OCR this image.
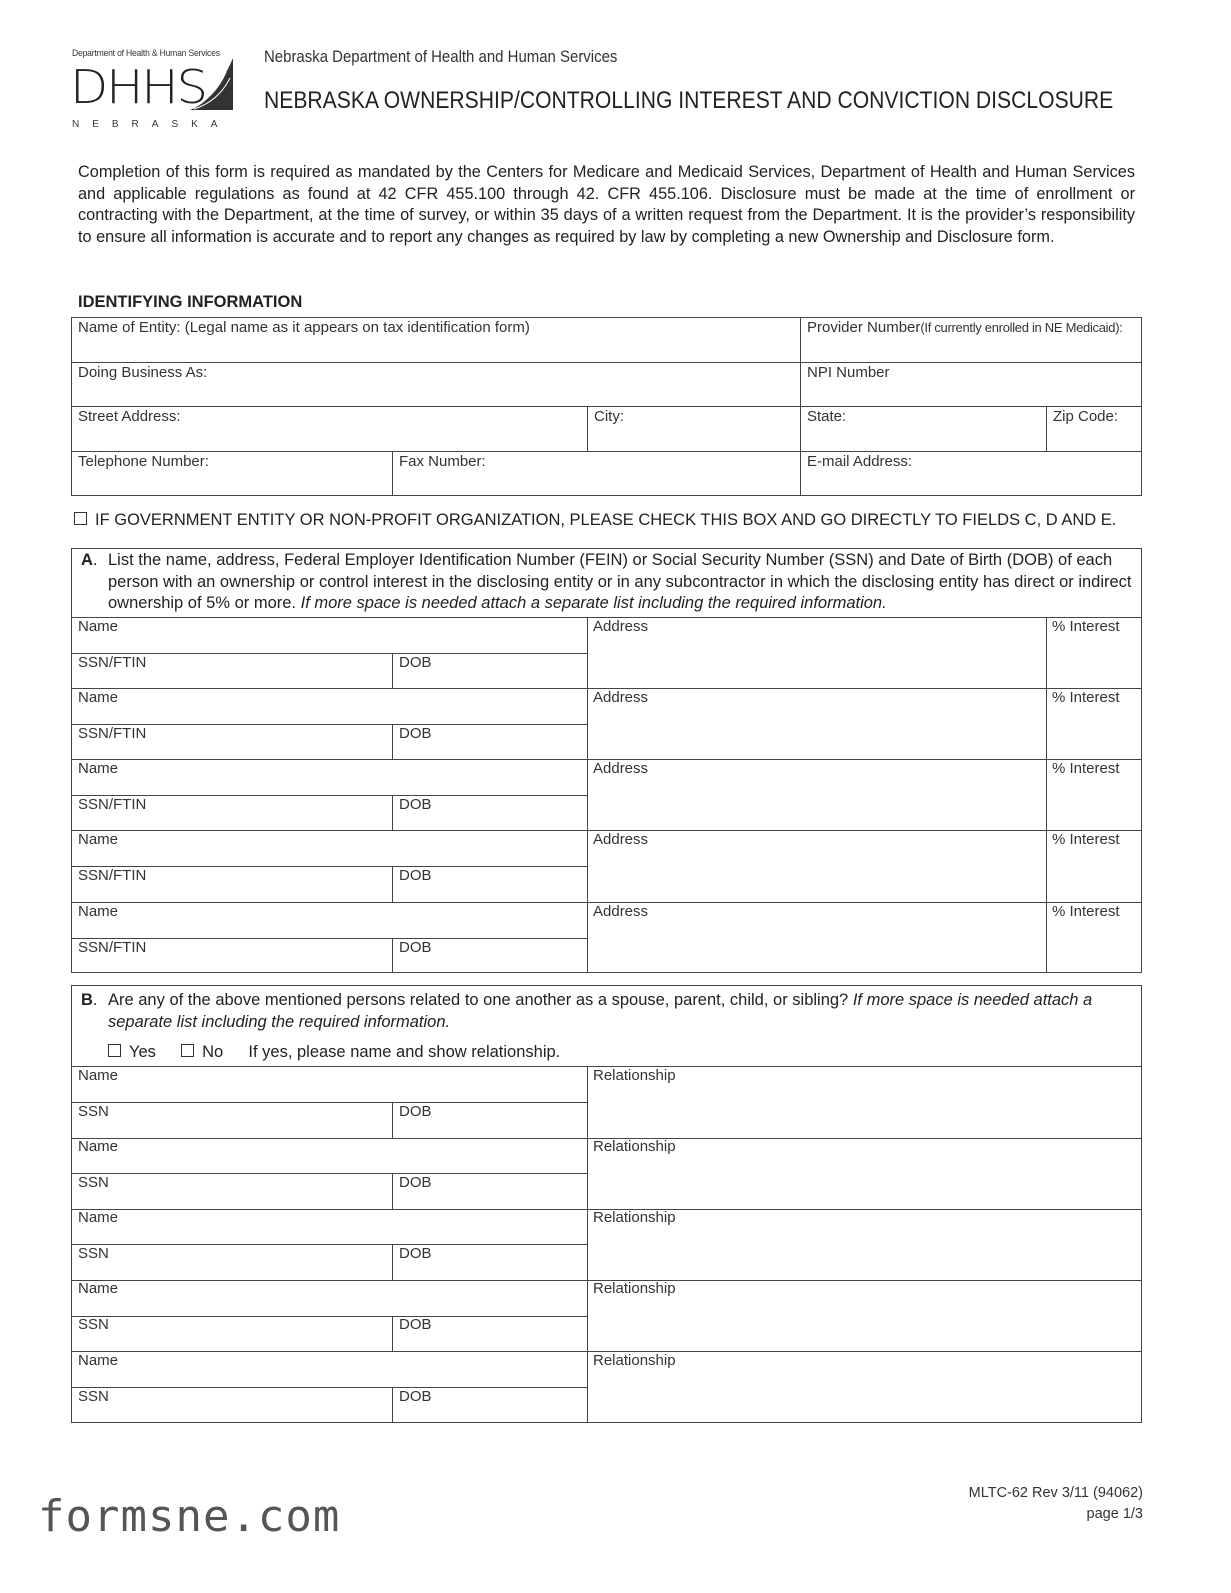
Department of Health & Human Services
DHHS
NEBRASKA
Nebraska Department of Health and Human Services
NEBRASKA OWNERSHIP/CONTROLLING INTEREST AND CONVICTION DISCLOSURE
Completion of this form is required as mandated by the Centers for Medicare and Medicaid Services, Department of Health and Human Services and applicable regulations as found at 42 CFR 455.100 through 42. CFR 455.106. Disclosure must be made at the time of enrollment or contracting with the Department, at the time of survey, or within 35 days of a written request from the Department. It is the provider’s responsibility to ensure all information is accurate and to report any changes as required by law by completing a new Ownership and Disclosure form.
IDENTIFYING INFORMATION
Name of Entity: (Legal name as it appears on tax identification form)	Provider Number(If currently enrolled in NE Medicaid):
Doing Business As:	NPI Number
Street Address:	City:	State:	Zip Code:
Telephone Number:	Fax Number:	E-mail Address:
IF GOVERNMENT ENTITY OR NON-PROFIT ORGANIZATION, PLEASE CHECK THIS BOX AND GO DIRECTLY TO FIELDS C, D AND E.
A. List the name, address, Federal Employer Identification Number (FEIN) or Social Security Number (SSN) and Date of Birth (DOB) of each person with an ownership or control interest in the disclosing entity or in any subcontractor in which the disclosing entity has direct or indirect ownership of 5% or more. If more space is needed attach a separate list including the required information.
Name	Address	% Interest
SSN/FTIN	DOB
Name	Address	% Interest
SSN/FTIN	DOB
Name	Address	% Interest
SSN/FTIN	DOB
Name	Address	% Interest
SSN/FTIN	DOB
Name	Address	% Interest
SSN/FTIN	DOB
B. Are any of the above mentioned persons related to one another as a spouse, parent, child, or sibling? If more space is needed attach a separate list including the required information.
Yes	No If yes, please name and show relationship.
Name	Relationship
SSN	DOB
Name	Relationship
SSN	DOB
Name	Relationship
SSN	DOB
Name	Relationship
SSN	DOB
Name	Relationship
SSN	DOB
MLTC-62 Rev 3/11 (94062)
page 1/3
formsne.com
